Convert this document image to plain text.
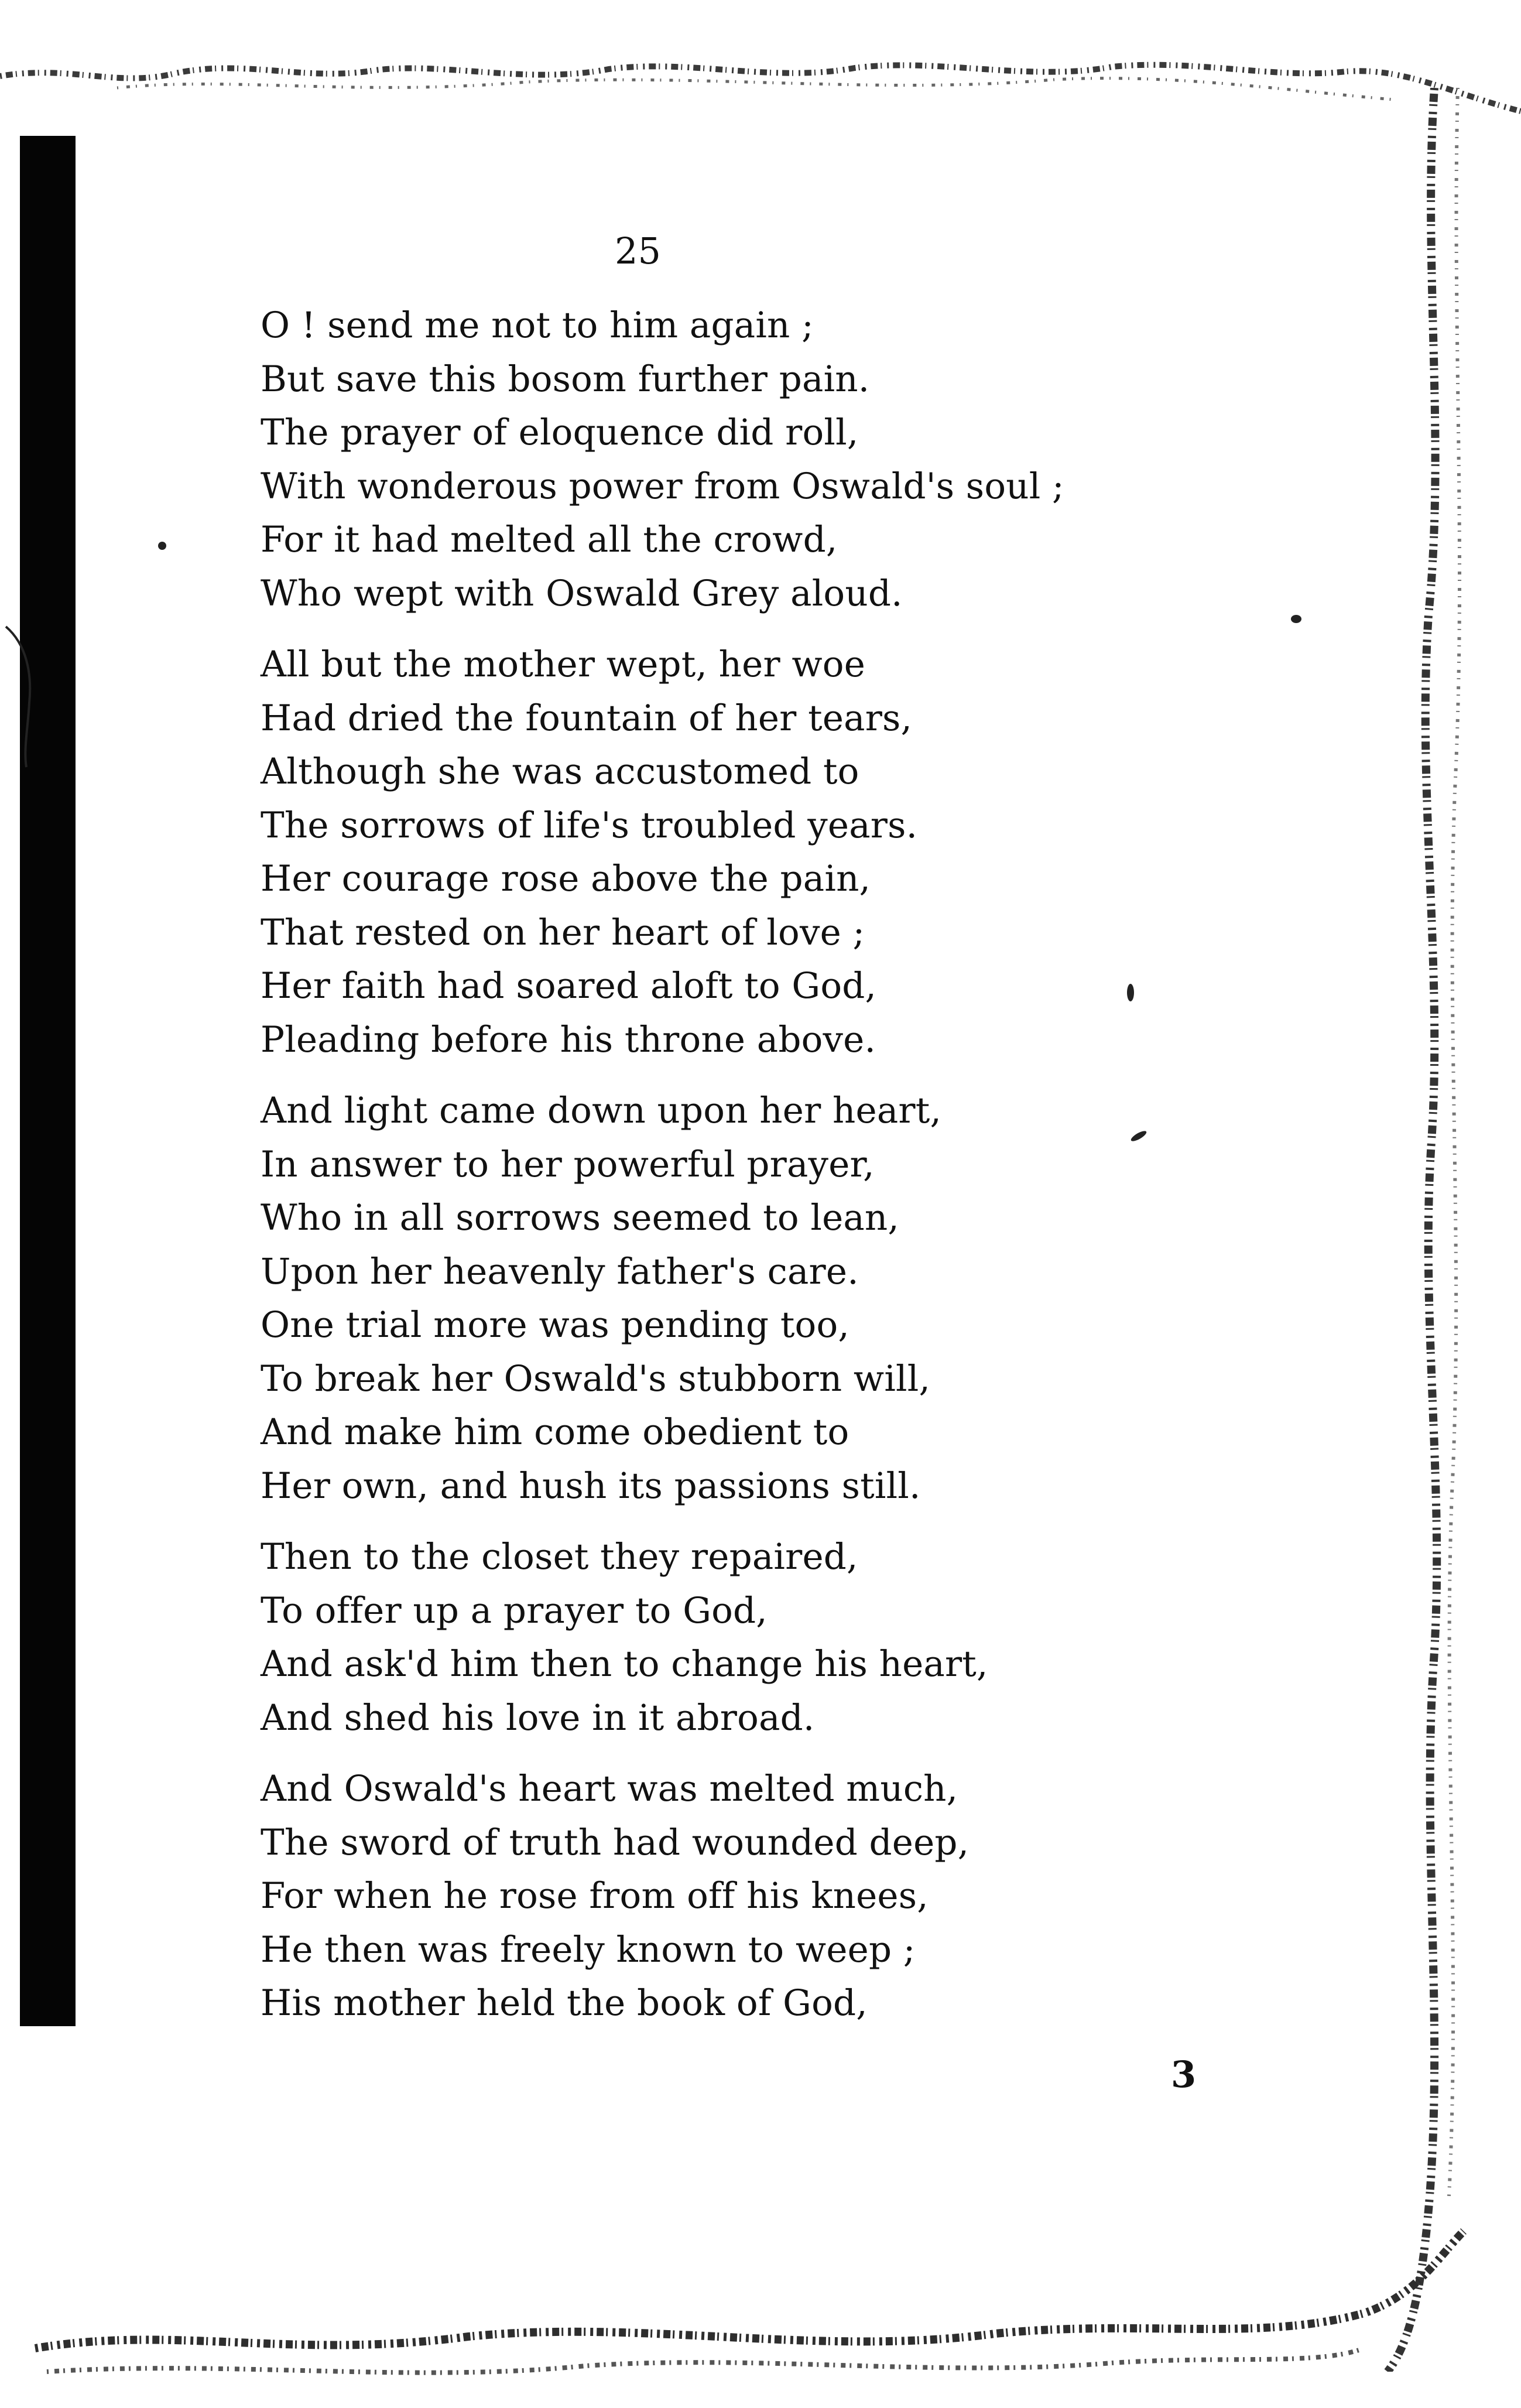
25
O ! send me not to him again ;
But save this bosom further pain.
The prayer of eloquence did roll,
With wonderous power from Oswald's soul ;
For it had melted all the crowd,
Who wept with Oswald Grey aloud.
All but the mother wept, her woe
Had dried the fountain of her tears,
Although she was accustomed to
The sorrows of life's troubled years.
Her courage rose above the pain,
That rested on her heart of love ;
Her faith had soared aloft to God,
Pleading before his throne above.
And light came down upon her heart,
In answer to her powerful prayer,
Who in all sorrows seemed to lean,
Upon her heavenly father's care.
One trial more was pending too,
To break her Oswald's stubborn will,
And make him come obedient to
Her own, and hush its passions still.
Then to the closet they repaired,
To offer up a prayer to God,
And ask'd him then to change his heart,
And shed his love in it abroad.
And Oswald's heart was melted much,
The sword of truth had wounded deep,
For when he rose from off his knees,
He then was freely known to weep ;
His mother held the book of God,
3
